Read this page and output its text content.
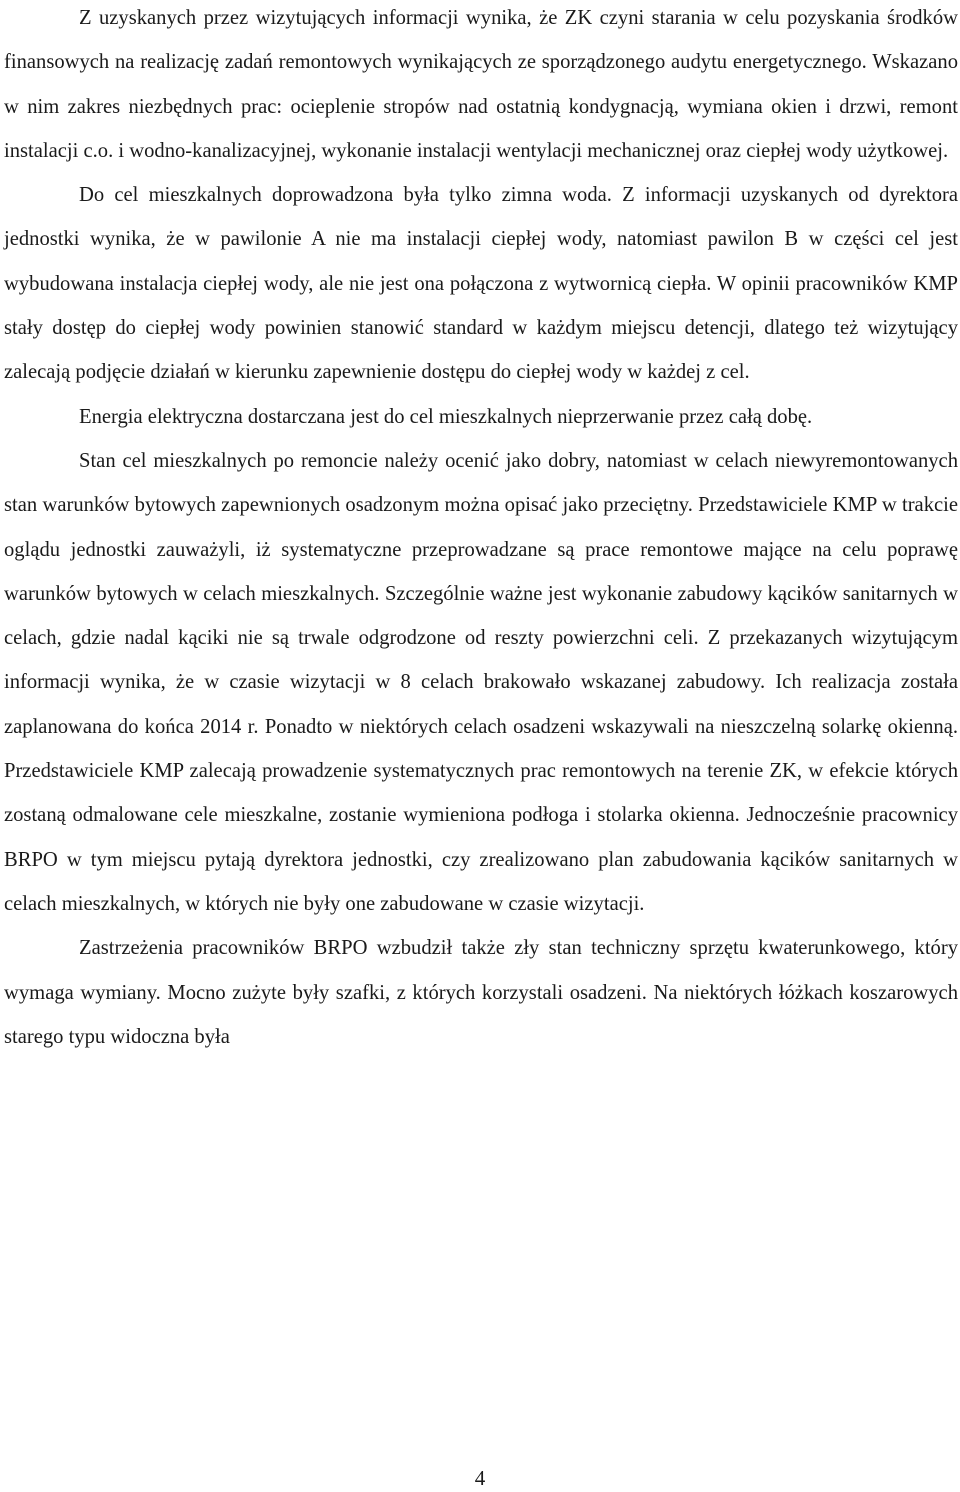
Z uzyskanych przez wizytujących informacji wynika, że ZK czyni starania w celu pozyskania środków finansowych na realizację zadań remontowych wynikających ze sporządzonego audytu energetycznego. Wskazano w nim zakres niezbędnych prac: ocieplenie stropów nad ostatnią kondygnacją, wymiana okien i drzwi, remont instalacji c.o. i wodno-kanalizacyjnej, wykonanie instalacji wentylacji mechanicznej oraz ciepłej wody użytkowej.

Do cel mieszkalnych doprowadzona była tylko zimna woda. Z informacji uzyskanych od dyrektora jednostki wynika, że w pawilonie A nie ma instalacji ciepłej wody, natomiast pawilon B w części cel jest wybudowana instalacja ciepłej wody, ale nie jest ona połączona z wytwornicą ciepła. W opinii pracowników KMP stały dostęp do ciepłej wody powinien stanowić standard w każdym miejscu detencji, dlatego też wizytujący zalecają podjęcie działań w kierunku zapewnienie dostępu do ciepłej wody w każdej z cel.

Energia elektryczna dostarczana jest do cel mieszkalnych nieprzerwanie przez całą dobę.

Stan cel mieszkalnych po remoncie należy ocenić jako dobry, natomiast w celach niewyremontowanych stan warunków bytowych zapewnionych osadzonym można opisać jako przeciętny. Przedstawiciele KMP w trakcie oglądu jednostki zauważyli, iż systematyczne przeprowadzane są prace remontowe mające na celu poprawę warunków bytowych w celach mieszkalnych. Szczególnie ważne jest wykonanie zabudowy kącików sanitarnych w celach, gdzie nadal kąciki nie są trwale odgrodzone od reszty powierzchni celi. Z przekazanych wizytującym informacji wynika, że w czasie wizytacji w 8 celach brakowało wskazanej zabudowy. Ich realizacja została zaplanowana do końca 2014 r. Ponadto w niektórych celach osadzeni wskazywali na nieszczelną solarkę okienną. Przedstawiciele KMP zalecają prowadzenie systematycznych prac remontowych na terenie ZK, w efekcie których zostaną odmalowane cele mieszkalne, zostanie wymieniona podłoga i stolarka okienna. Jednocześnie pracownicy BRPO w tym miejscu pytają dyrektora jednostki, czy zrealizowano plan zabudowania kącików sanitarnych w celach mieszkalnych, w których nie były one zabudowane w czasie wizytacji.

Zastrzeżenia pracowników BRPO wzbudził także zły stan techniczny sprzętu kwaterunkowego, który wymaga wymiany. Mocno zużyte były szafki, z których korzystali osadzeni. Na niektórych łóżkach koszarowych starego typu widoczna była

4
